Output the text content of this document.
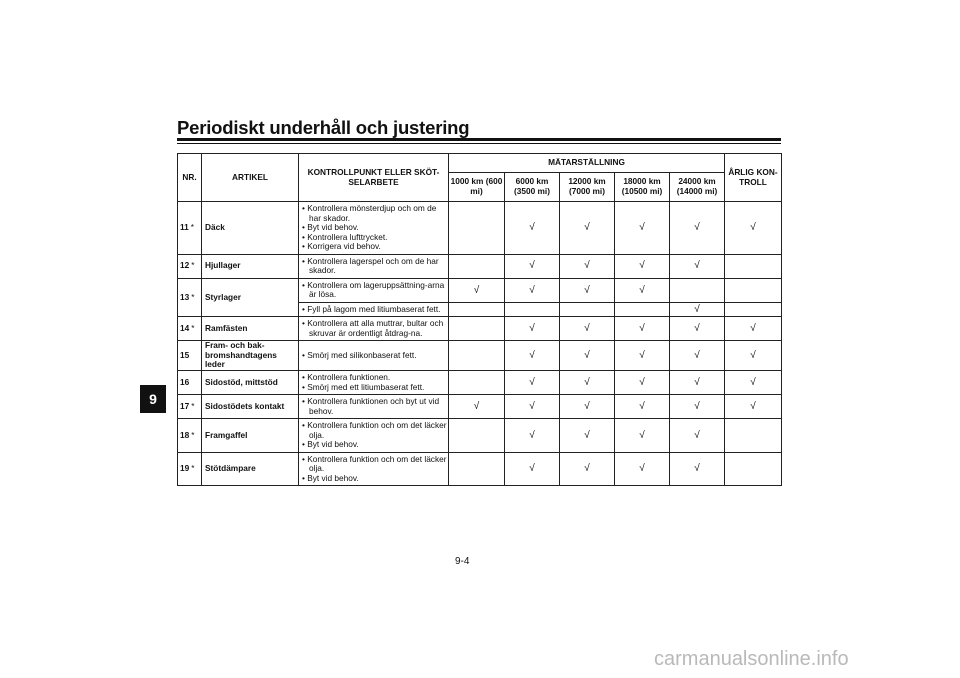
Periodiskt underhåll och justering
9
NR.	ARTIKEL	KONTROLLPUNKT ELLER SKÖT-SELARBETE	MÄTARSTÄLLNING					ÅRLIG KON-TROLL
			1000 km (600 mi)	6000 km (3500 mi)	12000 km (7000 mi)	18000 km (10500 mi)	24000 km (14000 mi)	
11 *	Däck	• Kontrollera mönsterdjup och om de har skador.
• Byt vid behov.
• Kontrollera lufttrycket.
• Korrigera vid behov.		√	√	√	√	√
12 *	Hjullager	• Kontrollera lagerspel och om de har skador.		√	√	√	√	
13 *	Styrlager	• Kontrollera om lageruppsättning-arna är lösa.	√	√	√	√		

		• Fyll på lagom med litiumbaserat fett.					√	
14 *	Ramfästen	• Kontrollera att alla muttrar, bultar och skruvar är ordentligt åtdrag-na.		√	√	√	√	√
15	Fram- och bak-bromshandtagens leder	• Smörj med silikonbaserat fett.		√	√	√	√	√
16	Sidostöd, mittstöd	• Kontrollera funktionen.
• Smörj med ett litiumbaserat fett.		√	√	√	√	√
17 *	Sidostödets kontakt	• Kontrollera funktionen och byt ut vid behov.	√	√	√	√	√	√
18 *	Framgaffel	• Kontrollera funktion och om det läcker olja.
• Byt vid behov.		√	√	√	√	
19 *	Stötdämpare	• Kontrollera funktion och om det läcker olja.
• Byt vid behov.		√	√	√	√	
9-4
carmanualsonline.info
